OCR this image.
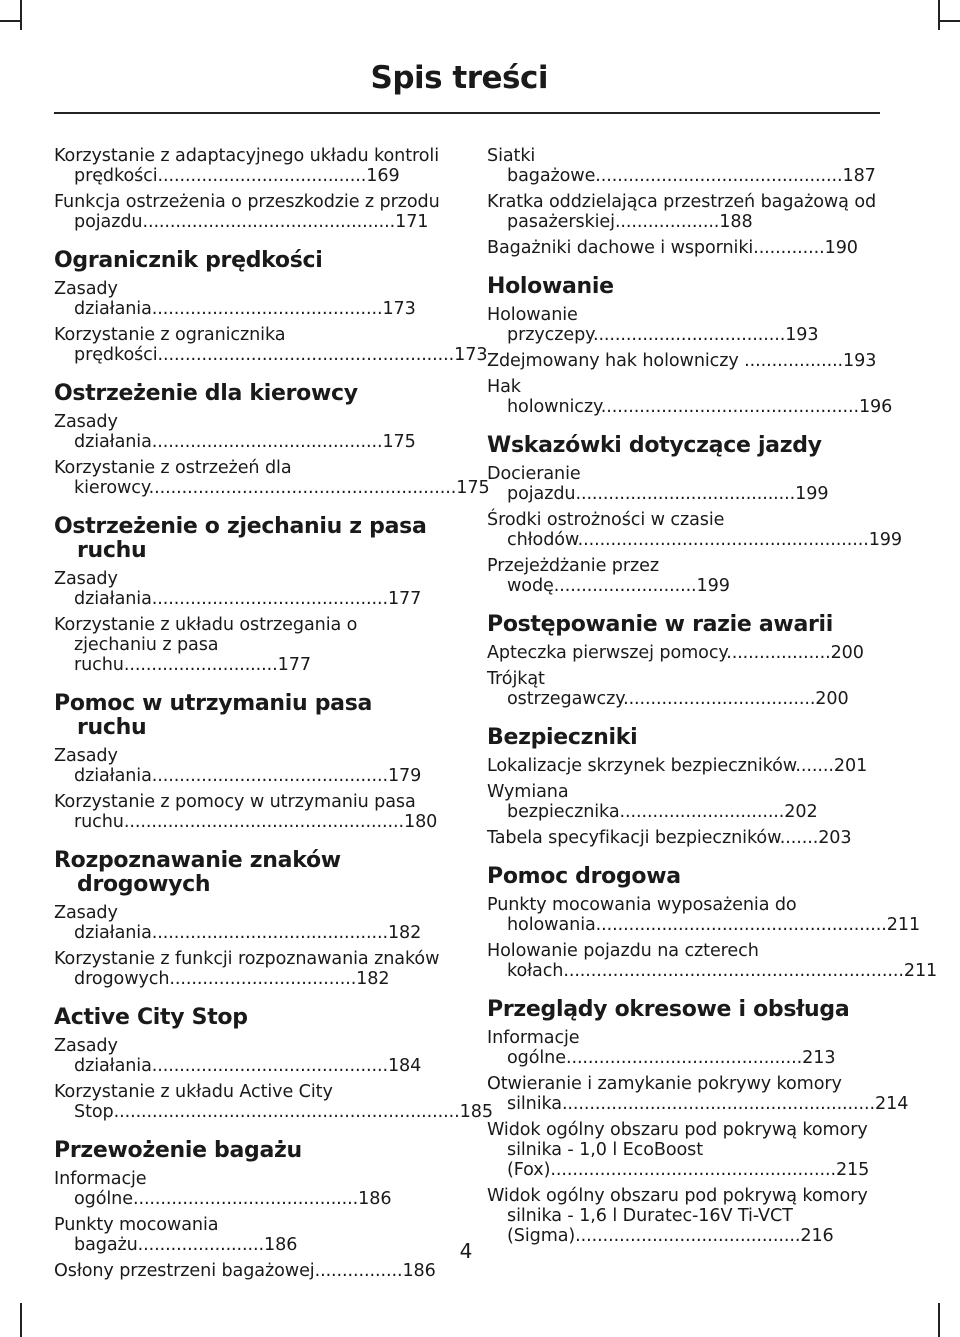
Spis treści
Korzystanie z adaptacyjnego układu kontroli prędkości......................................169
Funkcja ostrzeżenia o przeszkodzie z przodu pojazdu..............................................171
Ogranicznik prędkości
Zasady działania..........................................173
Korzystanie z ogranicznika prędkości......................................................173
Ostrzeżenie dla kierowcy
Zasady działania..........................................175
Korzystanie z ostrzeżeń dla kierowcy........................................................175
Ostrzeżenie o zjechaniu z pasa ruchu
Zasady działania...........................................177
Korzystanie z układu ostrzegania o zjechaniu z pasa ruchu............................177
Pomoc w utrzymaniu pasa ruchu
Zasady działania...........................................179
Korzystanie z pomocy w utrzymaniu pasa ruchu...................................................180
Rozpoznawanie znaków drogowych
Zasady działania...........................................182
Korzystanie z funkcji rozpoznawania znaków drogowych..................................182
Active City Stop
Zasady działania...........................................184
Korzystanie z układu Active City Stop...............................................................185
Przewożenie bagażu
Informacje ogólne.........................................186
Punkty mocowania bagażu.......................186
Osłony przestrzeni bagażowej................186
Siatki bagażowe.............................................187
Kratka oddzielająca przestrzeń bagażową od pasażerskiej...................188
Bagażniki dachowe i wsporniki.............190
Holowanie
Holowanie przyczepy...................................193
Zdejmowany hak holowniczy ..................193
Hak holowniczy...............................................196
Wskazówki dotyczące jazdy
Docieranie pojazdu........................................199
Środki ostrożności w czasie chłodów.....................................................199
Przejeżdżanie przez wodę..........................199
Postępowanie w razie awarii
Apteczka pierwszej pomocy...................200
Trójkąt ostrzegawczy...................................200
Bezpieczniki
Lokalizacje skrzynek bezpieczników.......201
Wymiana bezpiecznika..............................202
Tabela specyfikacji bezpieczników.......203
Pomoc drogowa
Punkty mocowania wyposażenia do holowania.....................................................211
Holowanie pojazdu na czterech kołach..............................................................211
Przeglądy okresowe i obsługa
Informacje ogólne...........................................213
Otwieranie i zamykanie pokrywy komory silnika.........................................................214
Widok ogólny obszaru pod pokrywą komory silnika - 1,0 l EcoBoost (Fox)....................................................215
Widok ogólny obszaru pod pokrywą komory silnika - 1,6 l Duratec-16V Ti-VCT (Sigma).........................................216
4
